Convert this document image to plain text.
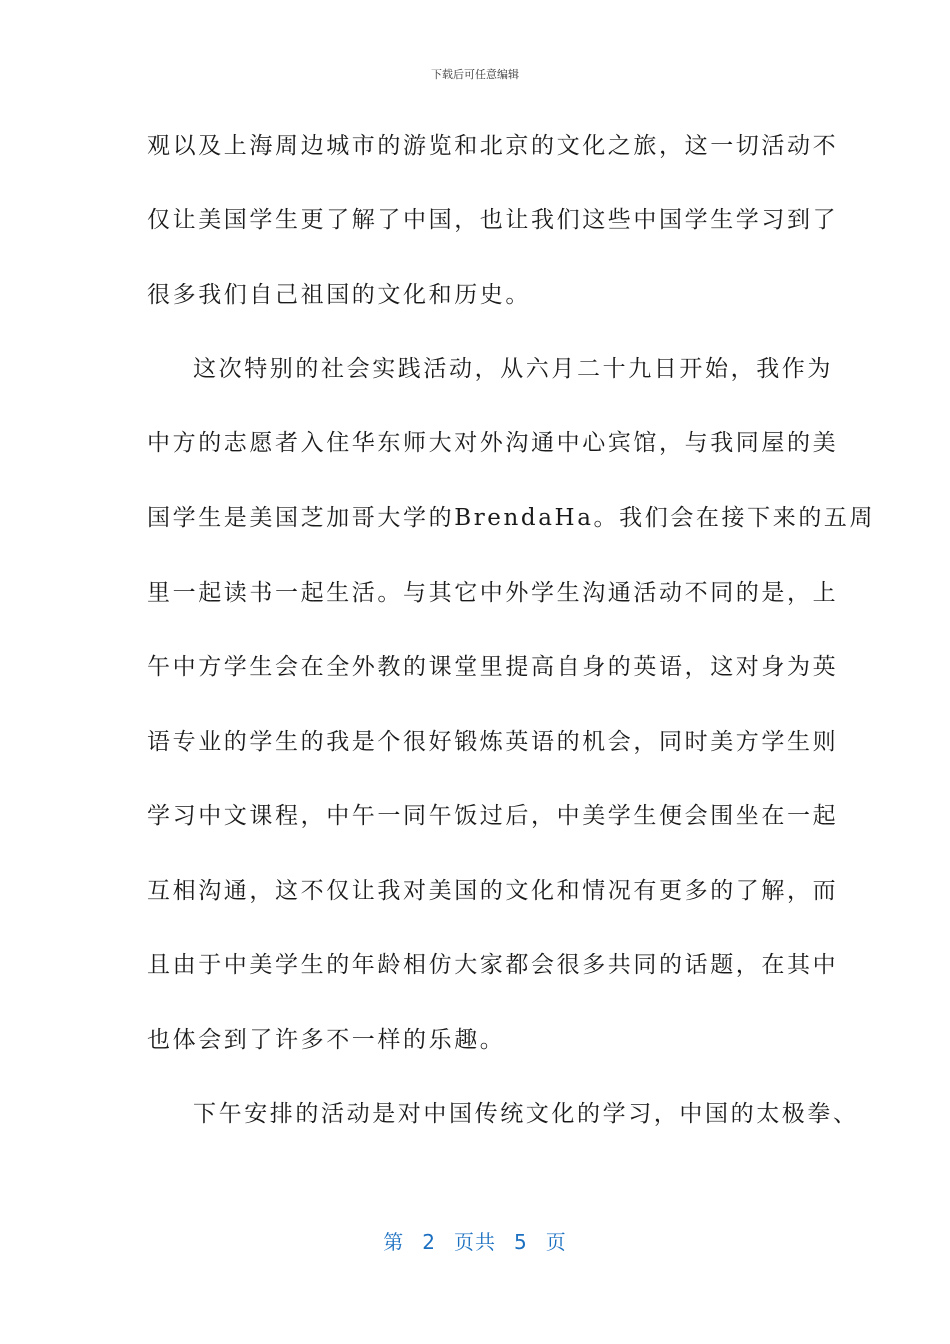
下载后可任意编辑

观以及上海周边城市的游览和北京的文化之旅，这一切活动不

仅让美国学生更了解了中国，也让我们这些中国学生学习到了

很多我们自己祖国的文化和历史。

这次特别的社会实践活动，从六月二十九日开始，我作为

中方的志愿者入住华东师大对外沟通中心宾馆，与我同屋的美

国学生是美国芝加哥大学的BrendaHa。我们会在接下来的五周

里一起读书一起生活。与其它中外学生沟通活动不同的是，上

午中方学生会在全外教的课堂里提高自身的英语，这对身为英

语专业的学生的我是个很好锻炼英语的机会，同时美方学生则

学习中文课程，中午一同午饭过后，中美学生便会围坐在一起

互相沟通，这不仅让我对美国的文化和情况有更多的了解，而

且由于中美学生的年龄相仿大家都会很多共同的话题，在其中

也体会到了许多不一样的乐趣。

下午安排的活动是对中国传统文化的学习，中国的太极拳、

第 2 页共 5 页
